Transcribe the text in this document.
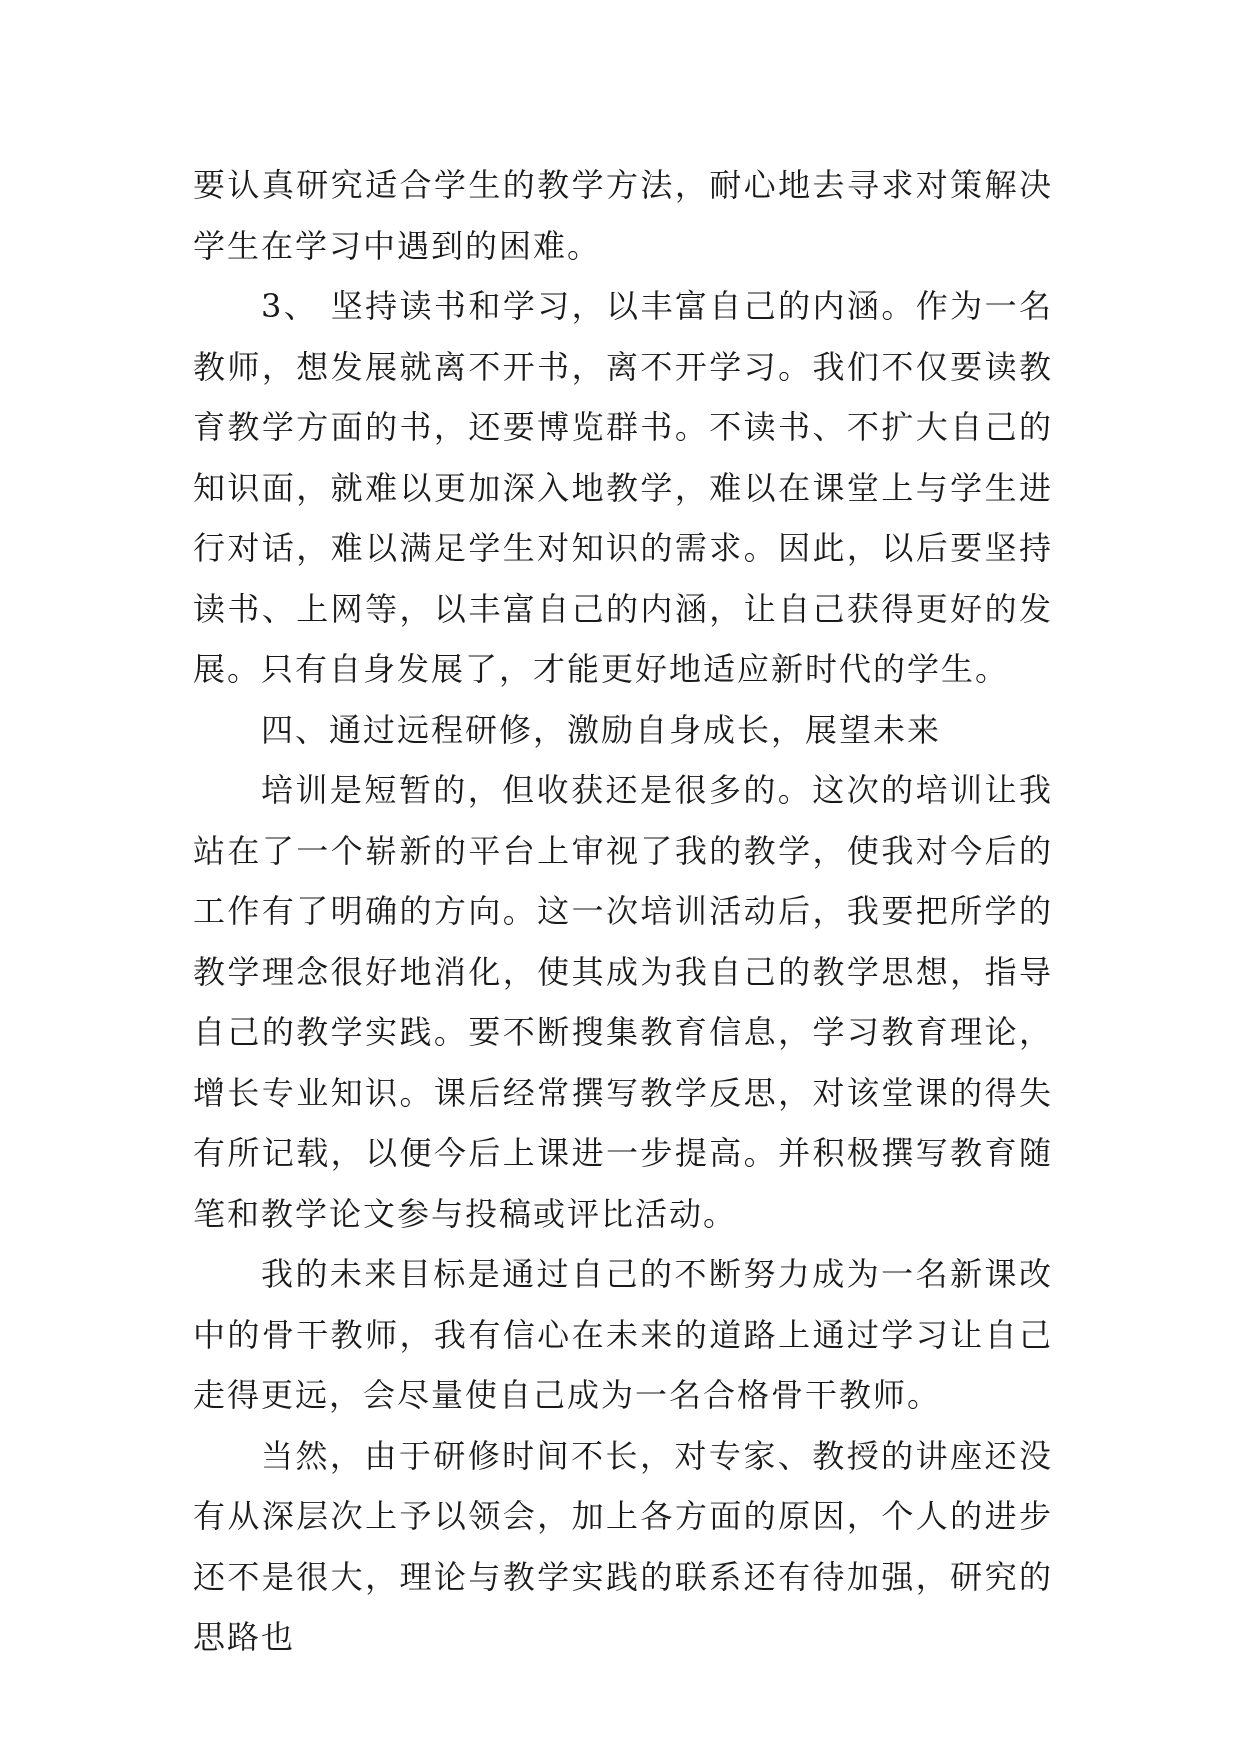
要认真研究适合学生的教学方法，耐心地去寻求对策解决学生在学习中遇到的困难。

3、 坚持读书和学习，以丰富自己的内涵。作为一名教师，想发展就离不开书，离不开学习。我们不仅要读教育教学方面的书，还要博览群书。不读书、不扩大自己的知识面，就难以更加深入地教学，难以在课堂上与学生进行对话，难以满足学生对知识的需求。因此，以后要坚持读书、上网等，以丰富自己的内涵，让自己获得更好的发展。只有自身发展了，才能更好地适应新时代的学生。

四、通过远程研修，激励自身成长，展望未来

培训是短暂的，但收获还是很多的。这次的培训让我站在了一个崭新的平台上审视了我的教学，使我对今后的工作有了明确的方向。这一次培训活动后，我要把所学的教学理念很好地消化，使其成为我自己的教学思想，指导自己的教学实践。要不断搜集教育信息，学习教育理论，增长专业知识。课后经常撰写教学反思，对该堂课的得失有所记载，以便今后上课进一步提高。并积极撰写教育随笔和教学论文参与投稿或评比活动。

我的未来目标是通过自己的不断努力成为一名新课改中的骨干教师，我有信心在未来的道路上通过学习让自己走得更远，会尽量使自己成为一名合格骨干教师。

当然，由于研修时间不长，对专家、教授的讲座还没有从深层次上予以领会，加上各方面的原因，个人的进步还不是很大，理论与教学实践的联系还有待加强，研究的思路也
